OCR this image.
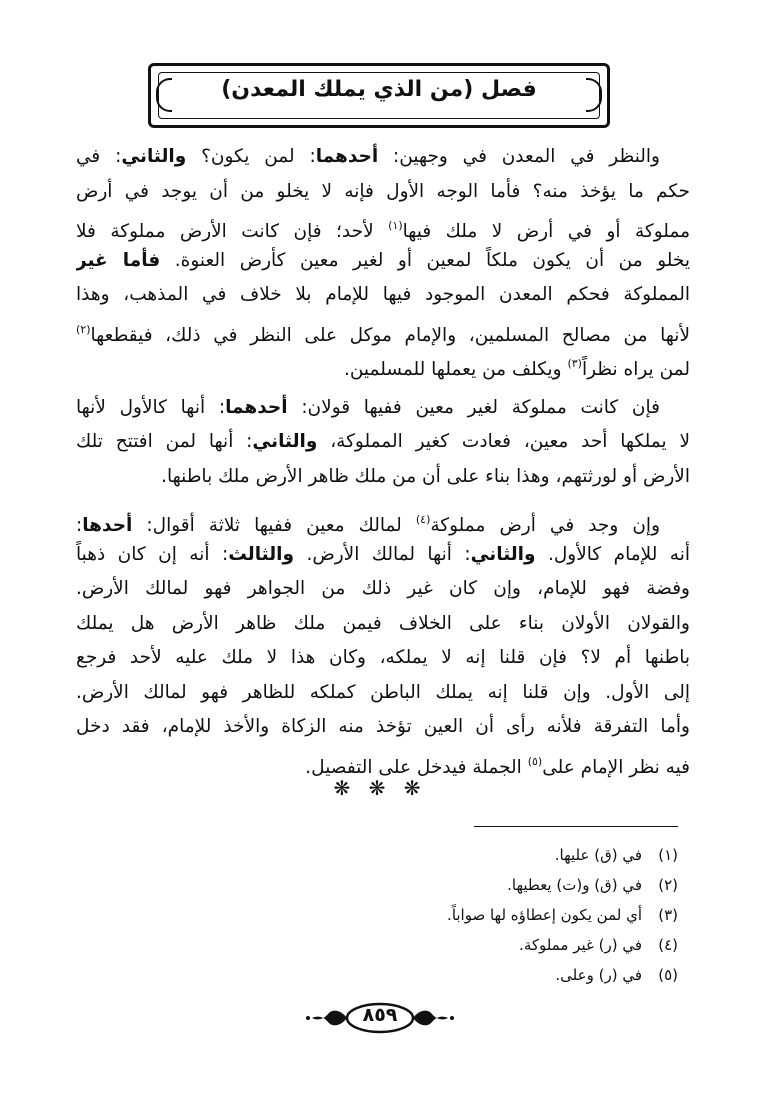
فصل (من الذي يملك المعدن)
والنظر في المعدن في وجهين: أحدهما: لمن يكون؟ والثاني: في
حكم ما يؤخذ منه؟ فأما الوجه الأول فإنه لا يخلو من أن يوجد في أرض
مملوكة أو في أرض لا ملك فيها$^{(١)}$ لأحد؛ فإن كانت الأرض مملوكة فلا
يخلو من أن يكون ملكاً لمعين أو لغير معين كأرض العنوة. فأما غير
المملوكة فحكم المعدن الموجود فيها للإمام بلا خلاف في المذهب، وهذا
لأنها من مصالح المسلمين، والإمام موكل على النظر في ذلك، فيقطعها$^{(٢)}$
لمن يراه نظراً$^{(٣)}$ ويكلف من يعملها للمسلمين.
فإن كانت مملوكة لغير معين ففيها قولان: أحدهما: أنها كالأول لأنها
لا يملكها أحد معين، فعادت كغير المملوكة، والثاني: أنها لمن افتتح تلك
الأرض أو لورثتهم، وهذا بناء على أن من ملك ظاهر الأرض ملك باطنها.
وإن وجد في أرض مملوكة$^{(٤)}$ لمالك معين ففيها ثلاثة أقوال: أحدها:
أنه للإمام كالأول. والثاني: أنها لمالك الأرض. والثالث: أنه إن كان ذهباً
وفضة فهو للإمام، وإن كان غير ذلك من الجواهر فهو لمالك الأرض.
والقولان الأولان بناء على الخلاف فيمن ملك ظاهر الأرض هل يملك
باطنها أم لا؟ فإن قلنا إنه لا يملكه، وكان هذا لا ملك عليه لأحد فرجع
إلى الأول. وإن قلنا إنه يملك الباطن كملكه للظاهر فهو لمالك الأرض.
وأما التفرقة فلأنه رأى أن العين تؤخذ منه الزكاة والأخذ للإمام، فقد دخل
فيه نظر الإمام على$^{(٥)}$ الجملة فيدخل على التفصيل.
❋ ❋ ❋
(١)في (ق) عليها.
(٢)في (ق) و(ت) يعطيها.
(٣)أي لمن يكون إعطاؤه لها صواباً.
(٤)في (ر) غير مملوكة.
(٥)في (ر) وعلى.
٨٥٩
